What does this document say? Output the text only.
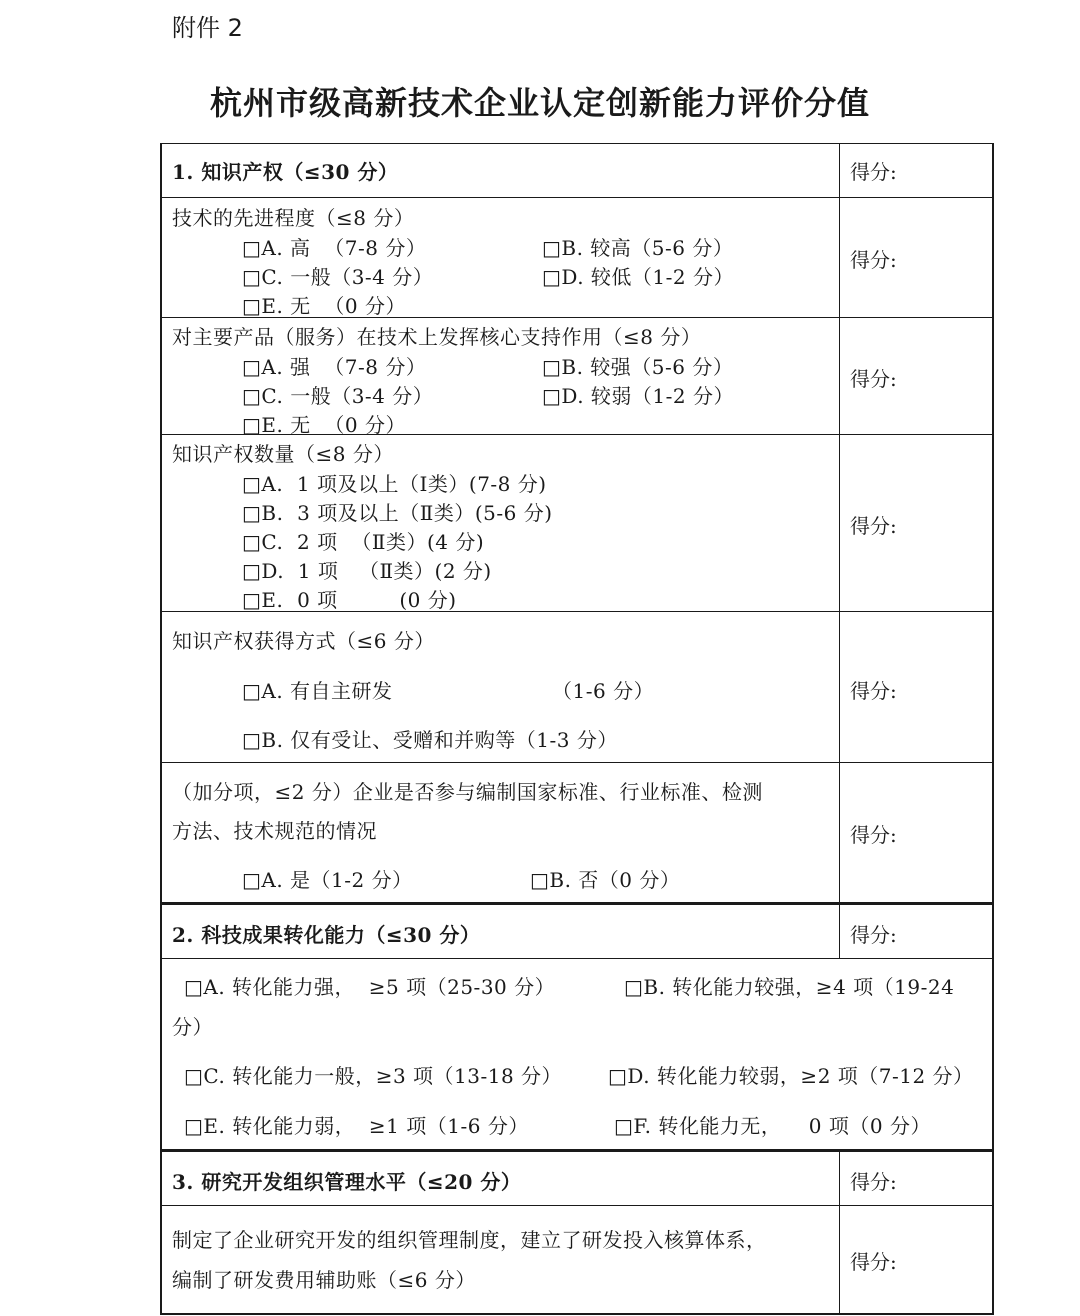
附件 2
杭州市级高新技术企业认定创新能力评价分值
1. 知识产权（≤30 分）	得分:
技术的先进程度（≤8 分）
□A. 高  （7-8 分）	□B. 较高（5-6 分）
□C. 一般（3-4 分）	□D. 较低（1-2 分）
□E. 无  （0 分）
得分:
对主要产品（服务）在技术上发挥核心支持作用（≤8 分）
□A. 强  （7-8 分）	□B. 较强（5-6 分）
□C. 一般（3-4 分）	□D. 较弱（1-2 分）
□E. 无  （0 分）
得分:
知识产权数量（≤8 分）
□A.  1 项及以上（Ⅰ类）(7-8 分)
□B.  3 项及以上（Ⅱ类）(5-6 分)
□C.  2 项  （Ⅱ类）(4 分)
□D.  1 项   （Ⅱ类）(2 分)
□E.  0 项         (0 分)
得分:
知识产权获得方式（≤6 分）
□A. 有自主研发	（1-6 分）
□B. 仅有受让、受赠和并购等（1-3 分）
得分:
（加分项，≤2 分）企业是否参与编制国家标准、行业标准、检测
方法、技术规范的情况
□A. 是（1-2 分）	□B. 否（0 分）
得分:
2. 科技成果转化能力（≤30 分）	得分:
□A. 转化能力强，  ≥5 项（25-30 分）	□B. 转化能力较强，≥4 项（19-24
分）
□C. 转化能力一般，≥3 项（13-18 分） □D. 转化能力较弱，≥2 项（7-12 分）
□E. 转化能力弱，  ≥1 项（1-6 分）	□F. 转化能力无，    0 项（0 分）
3. 研究开发组织管理水平（≤20 分）	得分:
制定了企业研究开发的组织管理制度，建立了研发投入核算体系，
编制了研发费用辅助账（≤6 分）
得分:
